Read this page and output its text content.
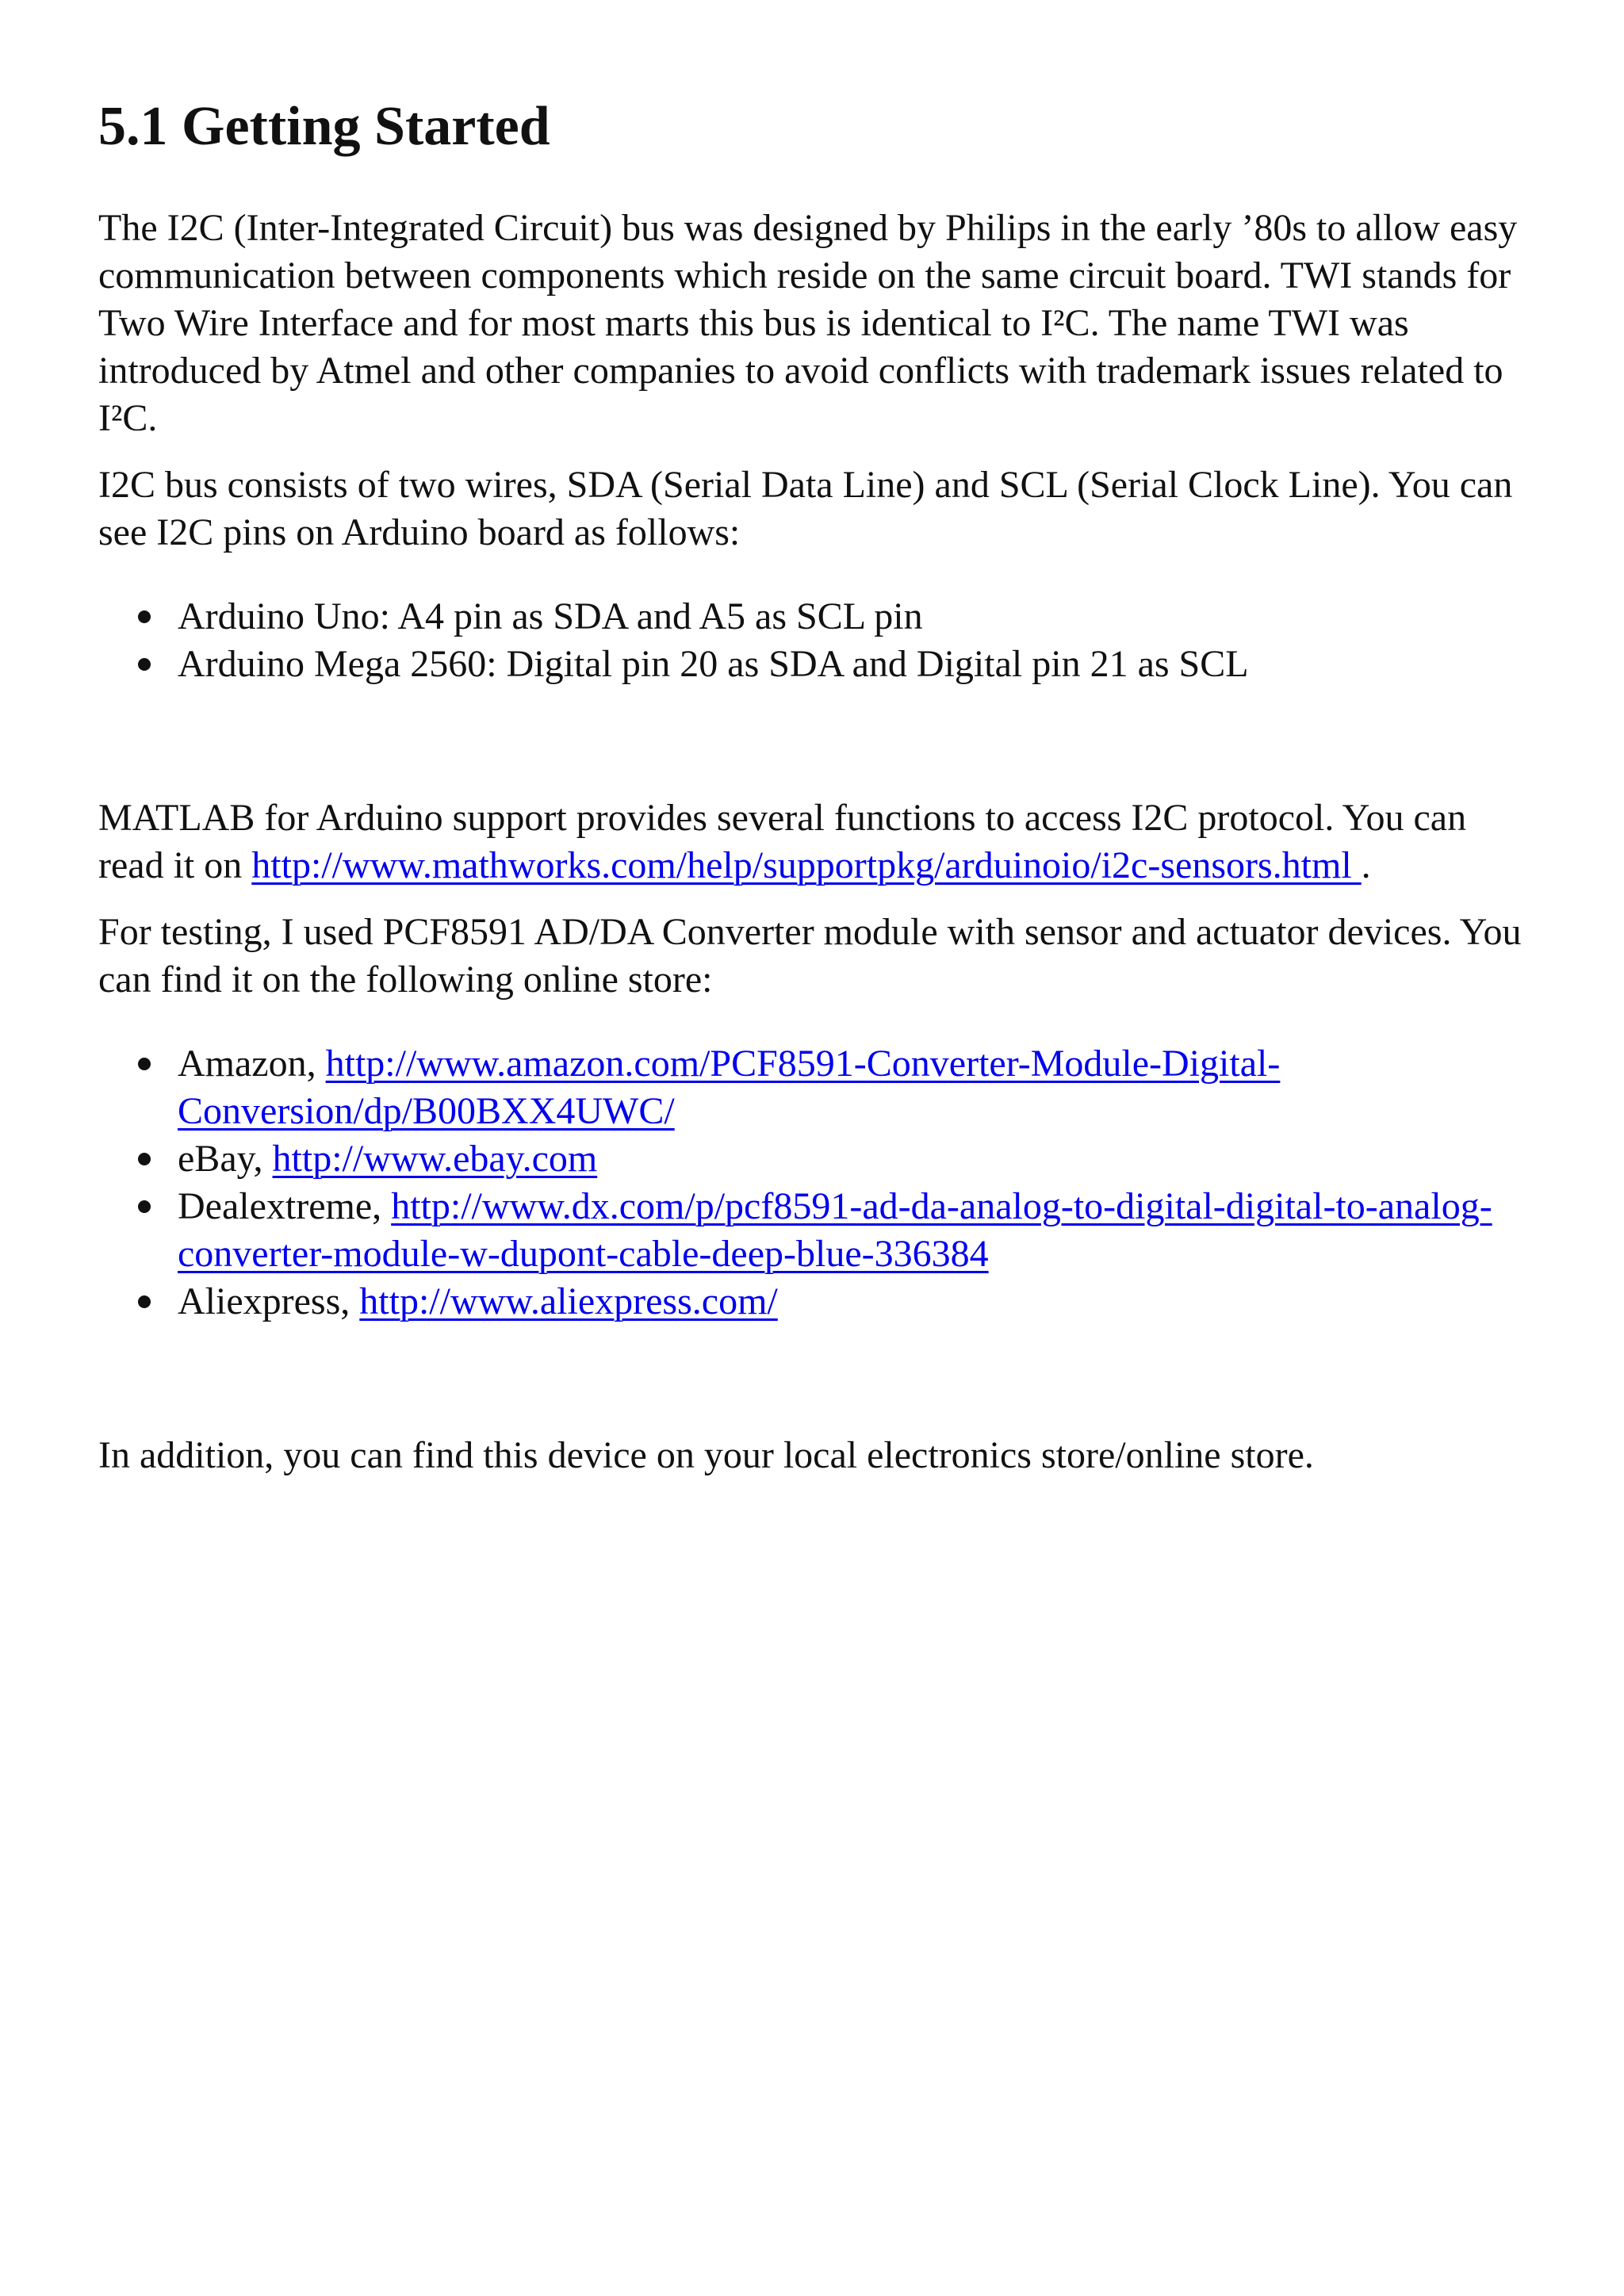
5.1 Getting Started

The I2C (Inter-Integrated Circuit) bus was designed by Philips in the early ’80s to allow easy communication between components which reside on the same circuit board. TWI stands for Two Wire Interface and for most marts this bus is identical to I²C. The name TWI was introduced by Atmel and other companies to avoid conflicts with trademark issues related to I²C.

I2C bus consists of two wires, SDA (Serial Data Line) and SCL (Serial Clock Line). You can see I2C pins on Arduino board as follows:

Arduino Uno: A4 pin as SDA and A5 as SCL pin
Arduino Mega 2560: Digital pin 20 as SDA and Digital pin 21 as SCL

MATLAB for Arduino support provides several functions to access I2C protocol. You can read it on http://www.mathworks.com/help/supportpkg/arduinoio/i2c-sensors.html .

For testing, I used PCF8591 AD/DA Converter module with sensor and actuator devices. You can find it on the following online store:

Amazon, http://www.amazon.com/PCF8591-Converter-Module-Digital-Conversion/dp/B00BXX4UWC/
eBay, http://www.ebay.com
Dealextreme, http://www.dx.com/p/pcf8591-ad-da-analog-to-digital-digital-to-analog-converter-module-w-dupont-cable-deep-blue-336384
Aliexpress, http://www.aliexpress.com/

In addition, you can find this device on your local electronics store/online store.
